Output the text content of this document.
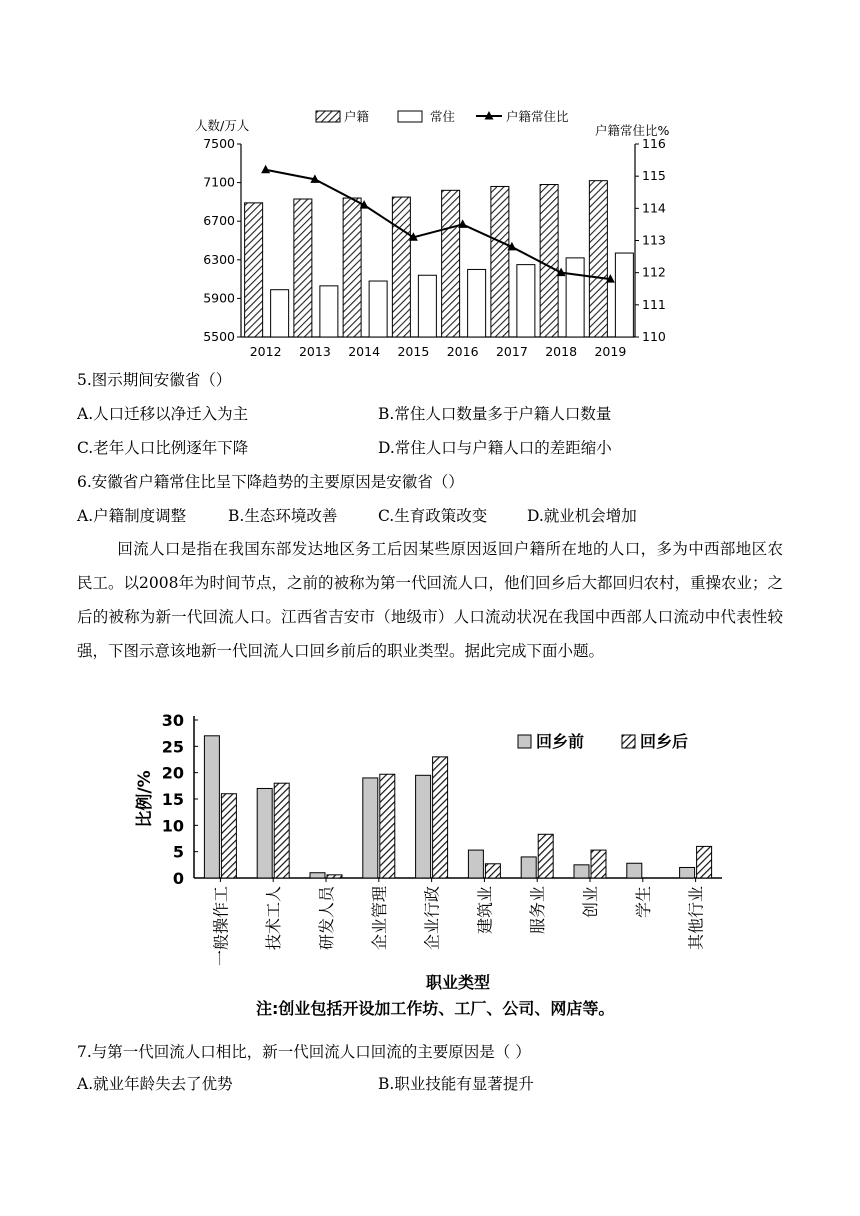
户籍	常住	户籍常住比
5500
5900
6300
6700
7100
7500
110
111
112
113
114
115
116
人数/万人	户籍常住比%
2012 2013 2014 2015 2016 2017 2018 2019
5.图示期间安徽省（）
A.人口迁移以净迁入为主	B.常住人口数量多于户籍人口数量
C.老年人口比例逐年下降	D.常住人口与户籍人口的差距缩小
6.安徽省户籍常住比呈下降趋势的主要原因是安徽省（）
A.户籍制度调整	B.生态环境改善	C.生育政策改变	D.就业机会增加
回流人口是指在我国东部发达地区务工后因某些原因返回户籍所在地的人口，多为中西部地区农民工。以2008年为时间节点，之前的被称为第一代回流人口，他们回乡后大都回归农村，重操农业；之后的被称为新一代回流人口。江西省吉安市（地级市）人口流动状况在我国中西部人口流动中代表性较强，下图示意该地新一代回流人口回乡前后的职业类型。据此完成下面小题。
回乡前	回乡后
0
5
10
15
20
25
30
一般操作工 技术工人 研发人员 企业管理 企业行政 建筑业 服务业 创业 学生 其他行业
比例/%
职业类型
注:创业包括开设加工作坊、工厂、公司、网店等。
7.与第一代回流人口相比，新一代回流人口回流的主要原因是（ ）
A.就业年龄失去了优势	B.职业技能有显著提升
